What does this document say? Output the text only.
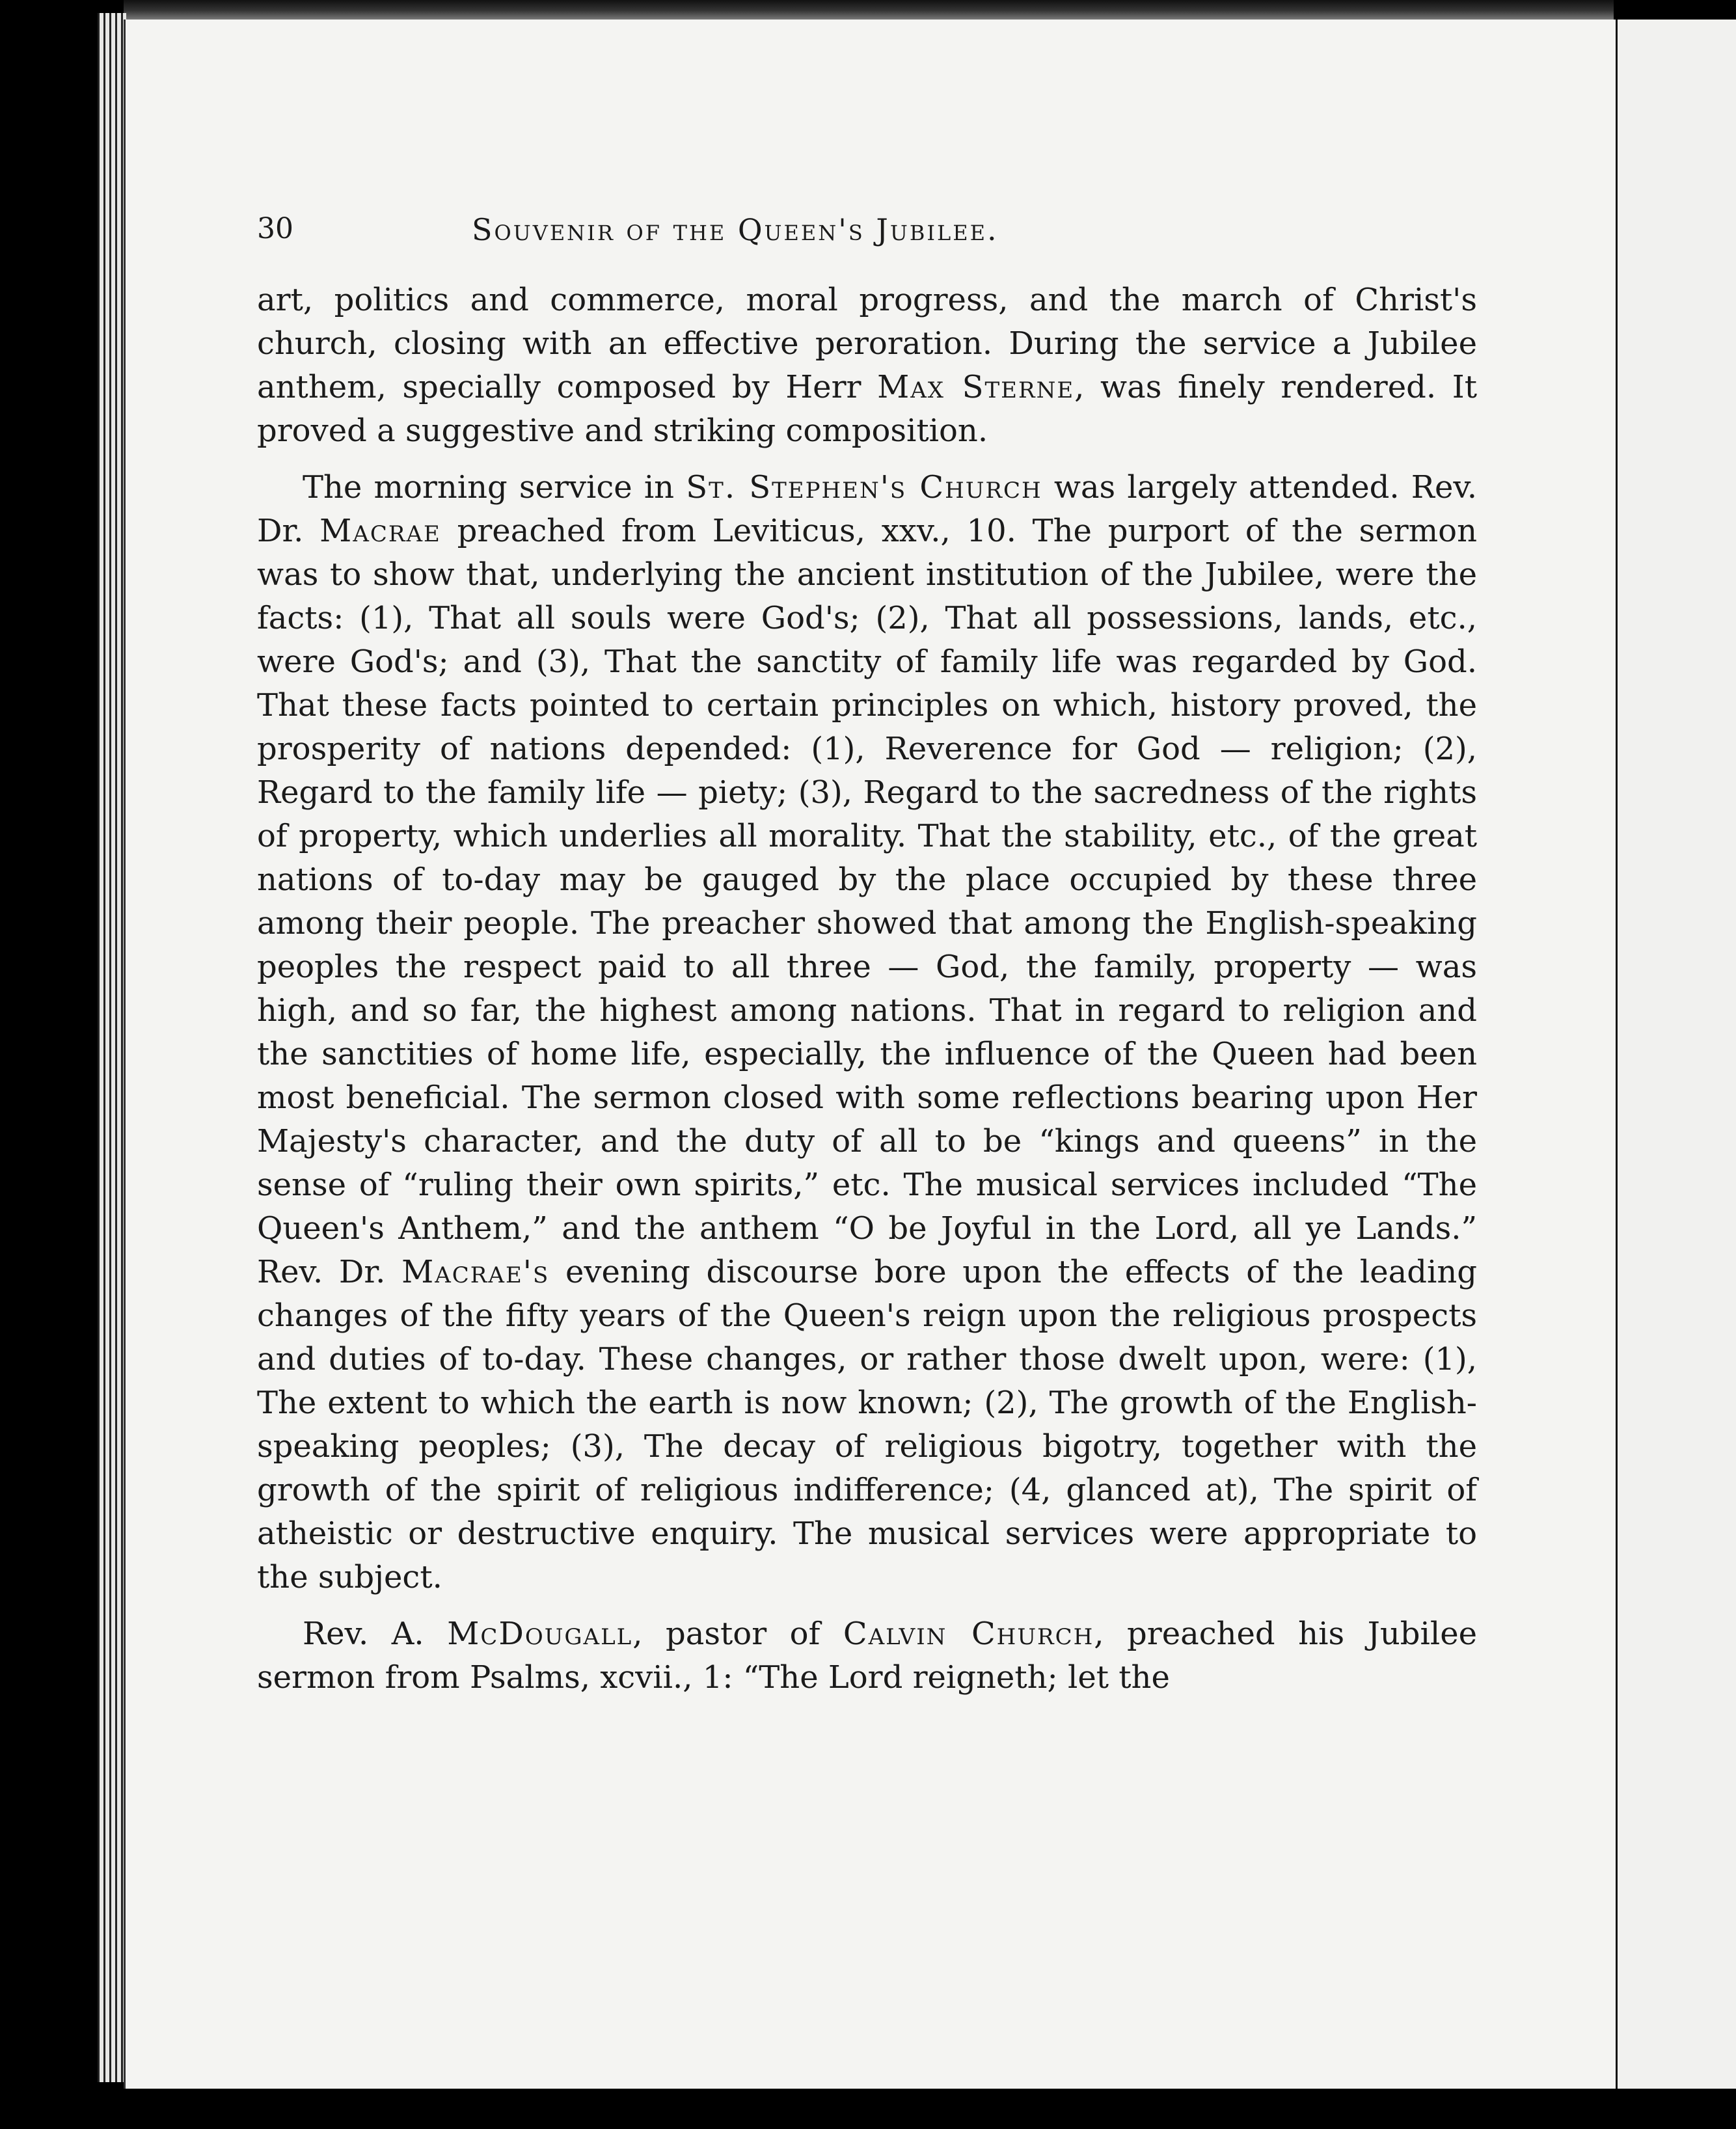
30	Souvenir of the Queen's Jubilee.

art, politics and commerce, moral progress, and the march of Christ's church, closing with an effective peroration. During the service a Jubilee anthem, specially composed by Herr Max Sterne, was finely rendered. It proved a suggestive and striking composition.

The morning service in St. Stephen's Church was largely attended. Rev. Dr. Macrae preached from Leviticus, xxv., 10. The purport of the sermon was to show that, underlying the ancient institution of the Jubilee, were the facts: (1), That all souls were God's; (2), That all possessions, lands, etc., were God's; and (3), That the sanctity of family life was regarded by God. That these facts pointed to certain principles on which, history proved, the prosperity of nations depended: (1), Reverence for God — religion; (2), Regard to the family life — piety; (3), Regard to the sacredness of the rights of property, which underlies all morality. That the stability, etc., of the great nations of to-day may be gauged by the place occupied by these three among their people. The preacher showed that among the English-speaking peoples the respect paid to all three — God, the family, property — was high, and so far, the highest among nations. That in regard to religion and the sanctities of home life, especially, the influence of the Queen had been most beneficial. The sermon closed with some reflections bearing upon Her Majesty's character, and the duty of all to be “kings and queens” in the sense of “ruling their own spirits,” etc. The musical services included “The Queen's Anthem,” and the anthem “O be Joyful in the Lord, all ye Lands.” Rev. Dr. Macrae's evening discourse bore upon the effects of the leading changes of the fifty years of the Queen's reign upon the religious prospects and duties of to-day. These changes, or rather those dwelt upon, were: (1), The extent to which the earth is now known; (2), The growth of the English-speaking peoples; (3), The decay of religious bigotry, together with the growth of the spirit of religious indifference; (4, glanced at), The spirit of atheistic or destructive enquiry. The musical services were appropriate to the subject.

Rev. A. McDougall, pastor of Calvin Church, preached his Jubilee sermon from Psalms, xcvii., 1: “The Lord reigneth; let the
